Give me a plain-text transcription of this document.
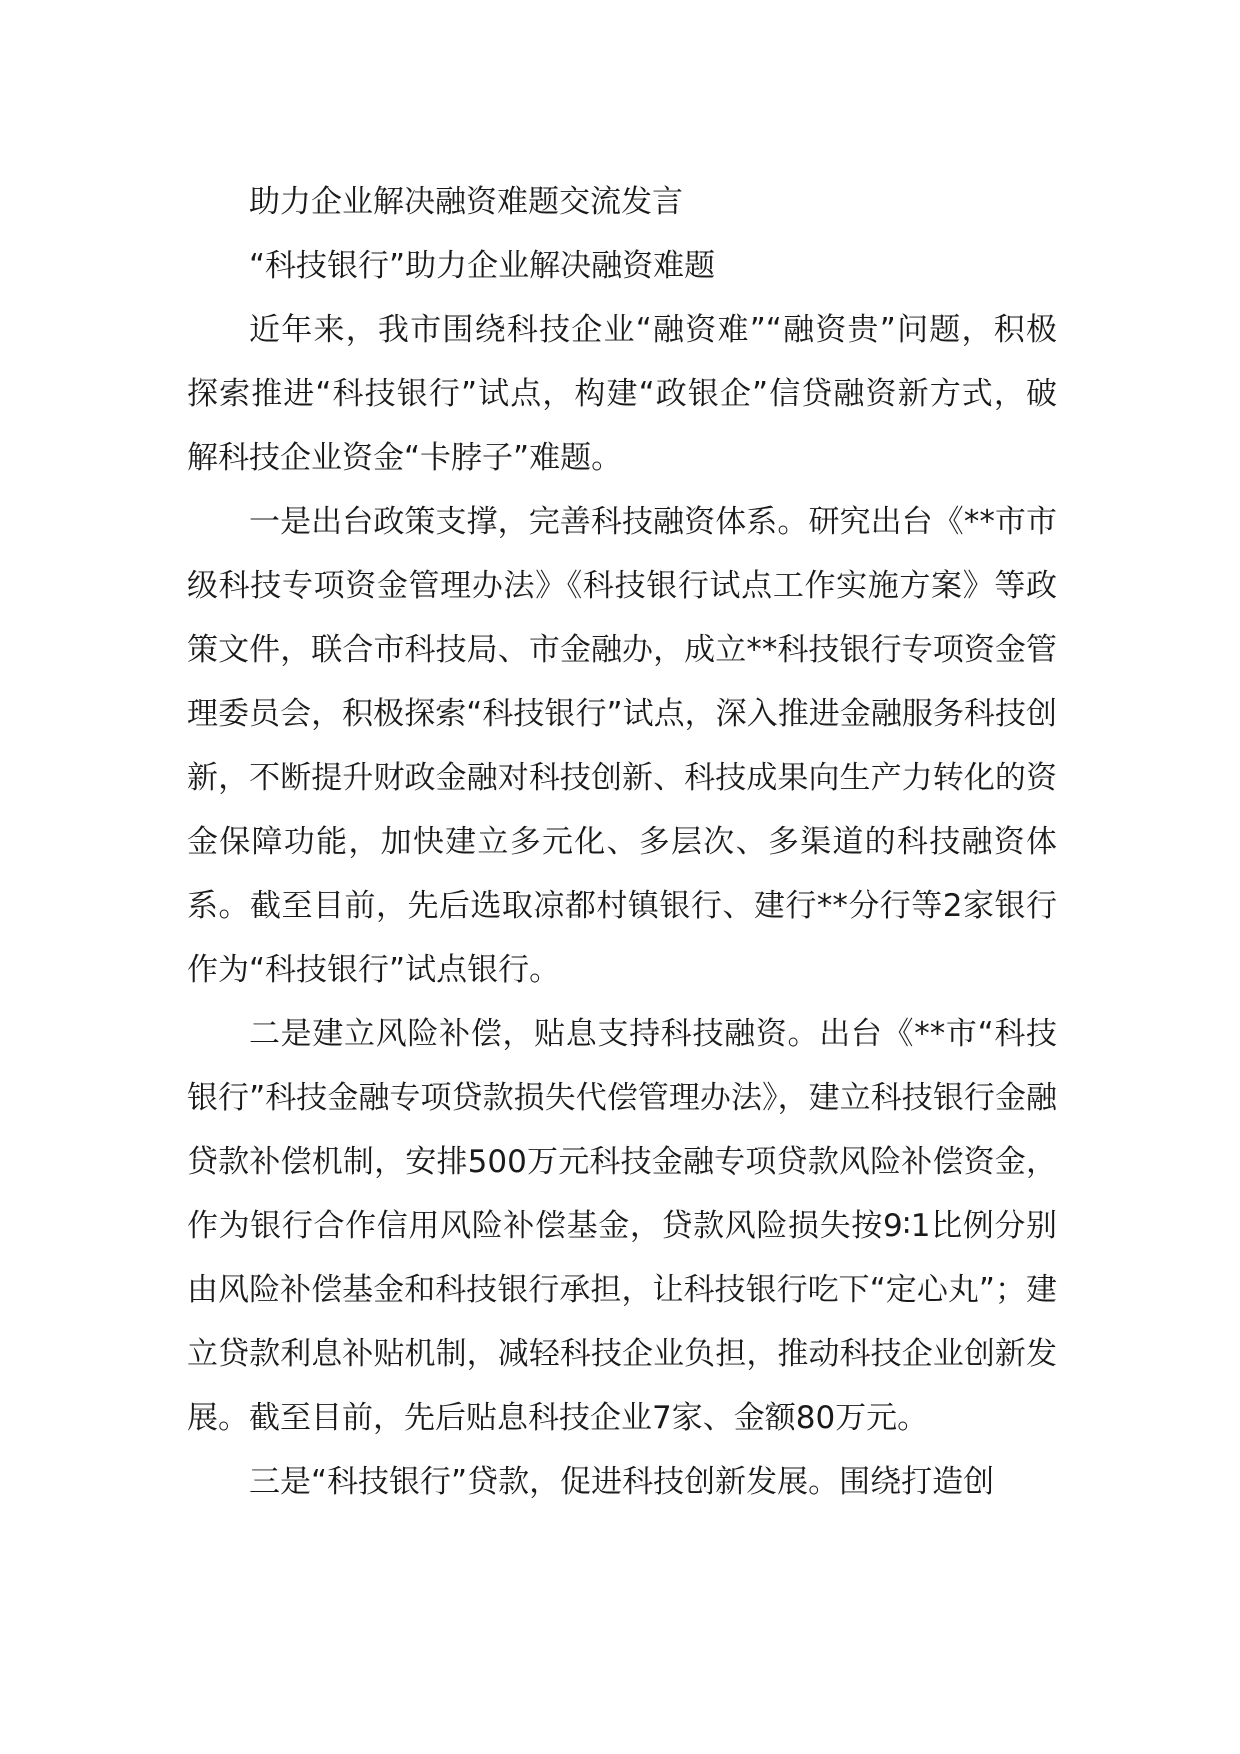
助力企业解决融资难题交流发言

“科技银行”助力企业解决融资难题

近年来，我市围绕科技企业“融资难”“融资贵”问题，积极探索推进“科技银行”试点，构建“政银企”信贷融资新方式，破解科技企业资金“卡脖子”难题。

一是出台政策支撑，完善科技融资体系。研究出台《**市市级科技专项资金管理办法》《科技银行试点工作实施方案》等政策文件，联合市科技局、市金融办，成立**科技银行专项资金管理委员会，积极探索“科技银行”试点，深入推进金融服务科技创新，不断提升财政金融对科技创新、科技成果向生产力转化的资金保障功能，加快建立多元化、多层次、多渠道的科技融资体系。截至目前，先后选取凉都村镇银行、建行**分行等2家银行作为“科技银行”试点银行。

二是建立风险补偿，贴息支持科技融资。出台《**市“科技银行”科技金融专项贷款损失代偿管理办法》，建立科技银行金融贷款补偿机制，安排500万元科技金融专项贷款风险补偿资金，作为银行合作信用风险补偿基金，贷款风险损失按9∶1比例分别由风险补偿基金和科技银行承担，让科技银行吃下“定心丸”；建立贷款利息补贴机制，减轻科技企业负担，推动科技企业创新发展。截至目前，先后贴息科技企业7家、金额80万元。

三是“科技银行”贷款，促进科技创新发展。围绕打造创
